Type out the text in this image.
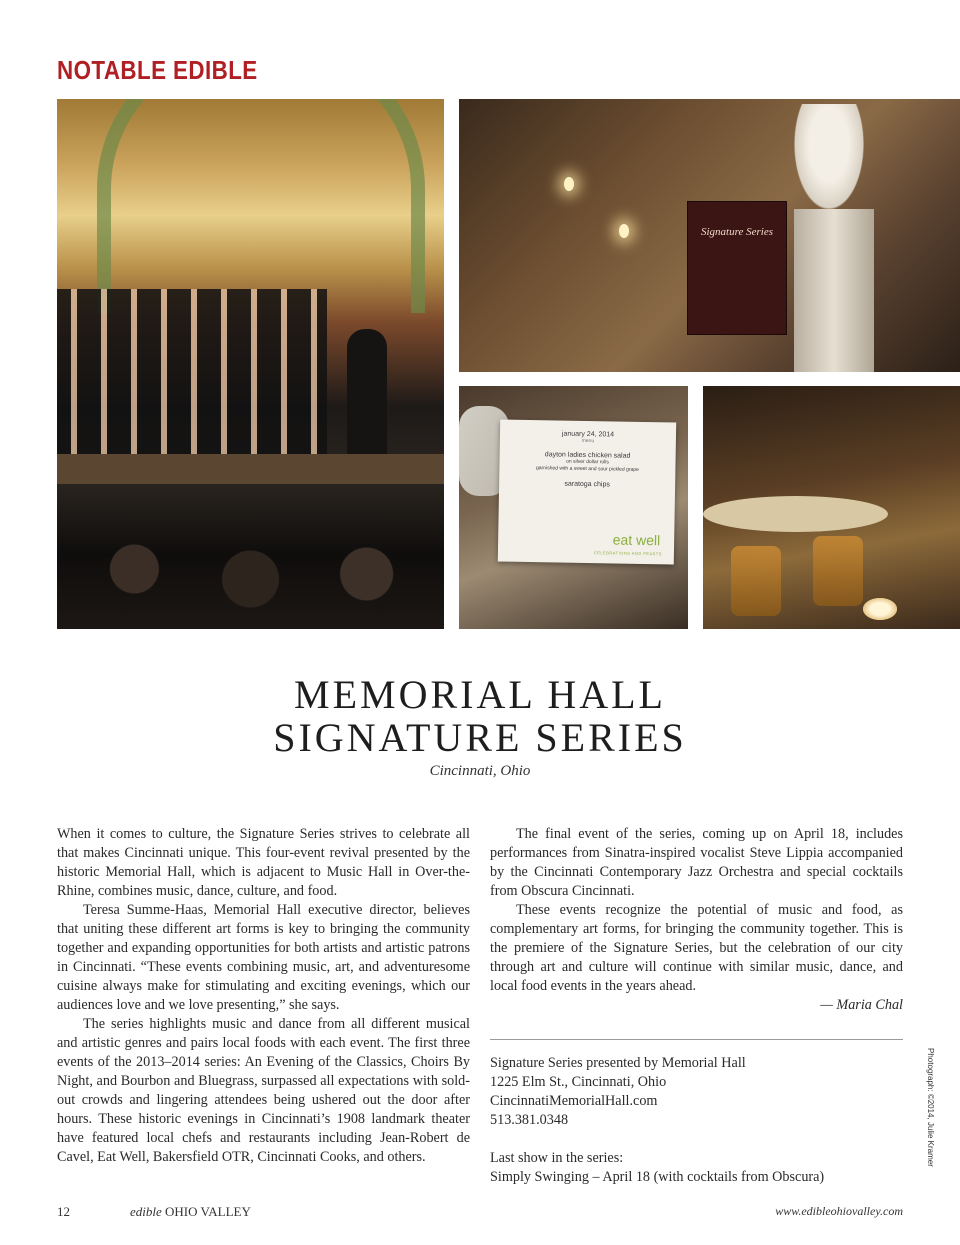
NOTABLE EDIBLE
Signature Series
january 24, 2014
menu
dayton ladies chicken salad
on silver dollar rolls
garnished with a sweet and sour pickled grape
saratoga chips
eat well
CELEBRATIONS AND FEASTS
MEMORIAL HALL
SIGNATURE SERIES
Cincinnati, Ohio

When it comes to culture, the Signature Series strives to celebrate all that makes Cincinnati unique. This four-event revival presented by the historic Memorial Hall, which is adjacent to Music Hall in Over-the-Rhine, combines music, dance, culture, and food.

Teresa Summe-Haas, Memorial Hall executive director, believes that uniting these different art forms is key to bringing the community together and expanding opportunities for both artists and artistic patrons in Cincinnati. “These events combining music, art, and adventuresome cuisine always make for stimulating and exciting evenings, which our audiences love and we love presenting,” she says.

The series highlights music and dance from all different musical and artistic genres and pairs local foods with each event. The first three events of the 2013–2014 series: An Evening of the Classics, Choirs By Night, and Bourbon and Bluegrass, surpassed all expectations with sold-out crowds and lingering attendees being ushered out the door after hours. These historic evenings in Cincinnati’s 1908 landmark theater have featured local chefs and restaurants including Jean-Robert de Cavel, Eat Well, Bakersfield OTR, Cincinnati Cooks, and others.

The final event of the series, coming up on April 18, includes performances from Sinatra-inspired vocalist Steve Lippia accompanied by the Cincinnati Contemporary Jazz Orchestra and special cocktails from Obscura Cincinnati.

These events recognize the potential of music and food, as complementary art forms, for bringing the community together. This is the premiere of the Signature Series, but the celebration of our city through art and culture will continue with similar music, dance, and local food events in the years ahead.

— Maria Chal

Signature Series presented by Memorial Hall
1225 Elm St., Cincinnati, Ohio
CincinnatiMemorialHall.com
513.381.0348
Last show in the series:
Simply Swinging – April 18 (with cocktails from Obscura)
Photograph: ©2014, Julie Kramer
12	edible OHIO VALLEY	www.edibleohiovalley.com
